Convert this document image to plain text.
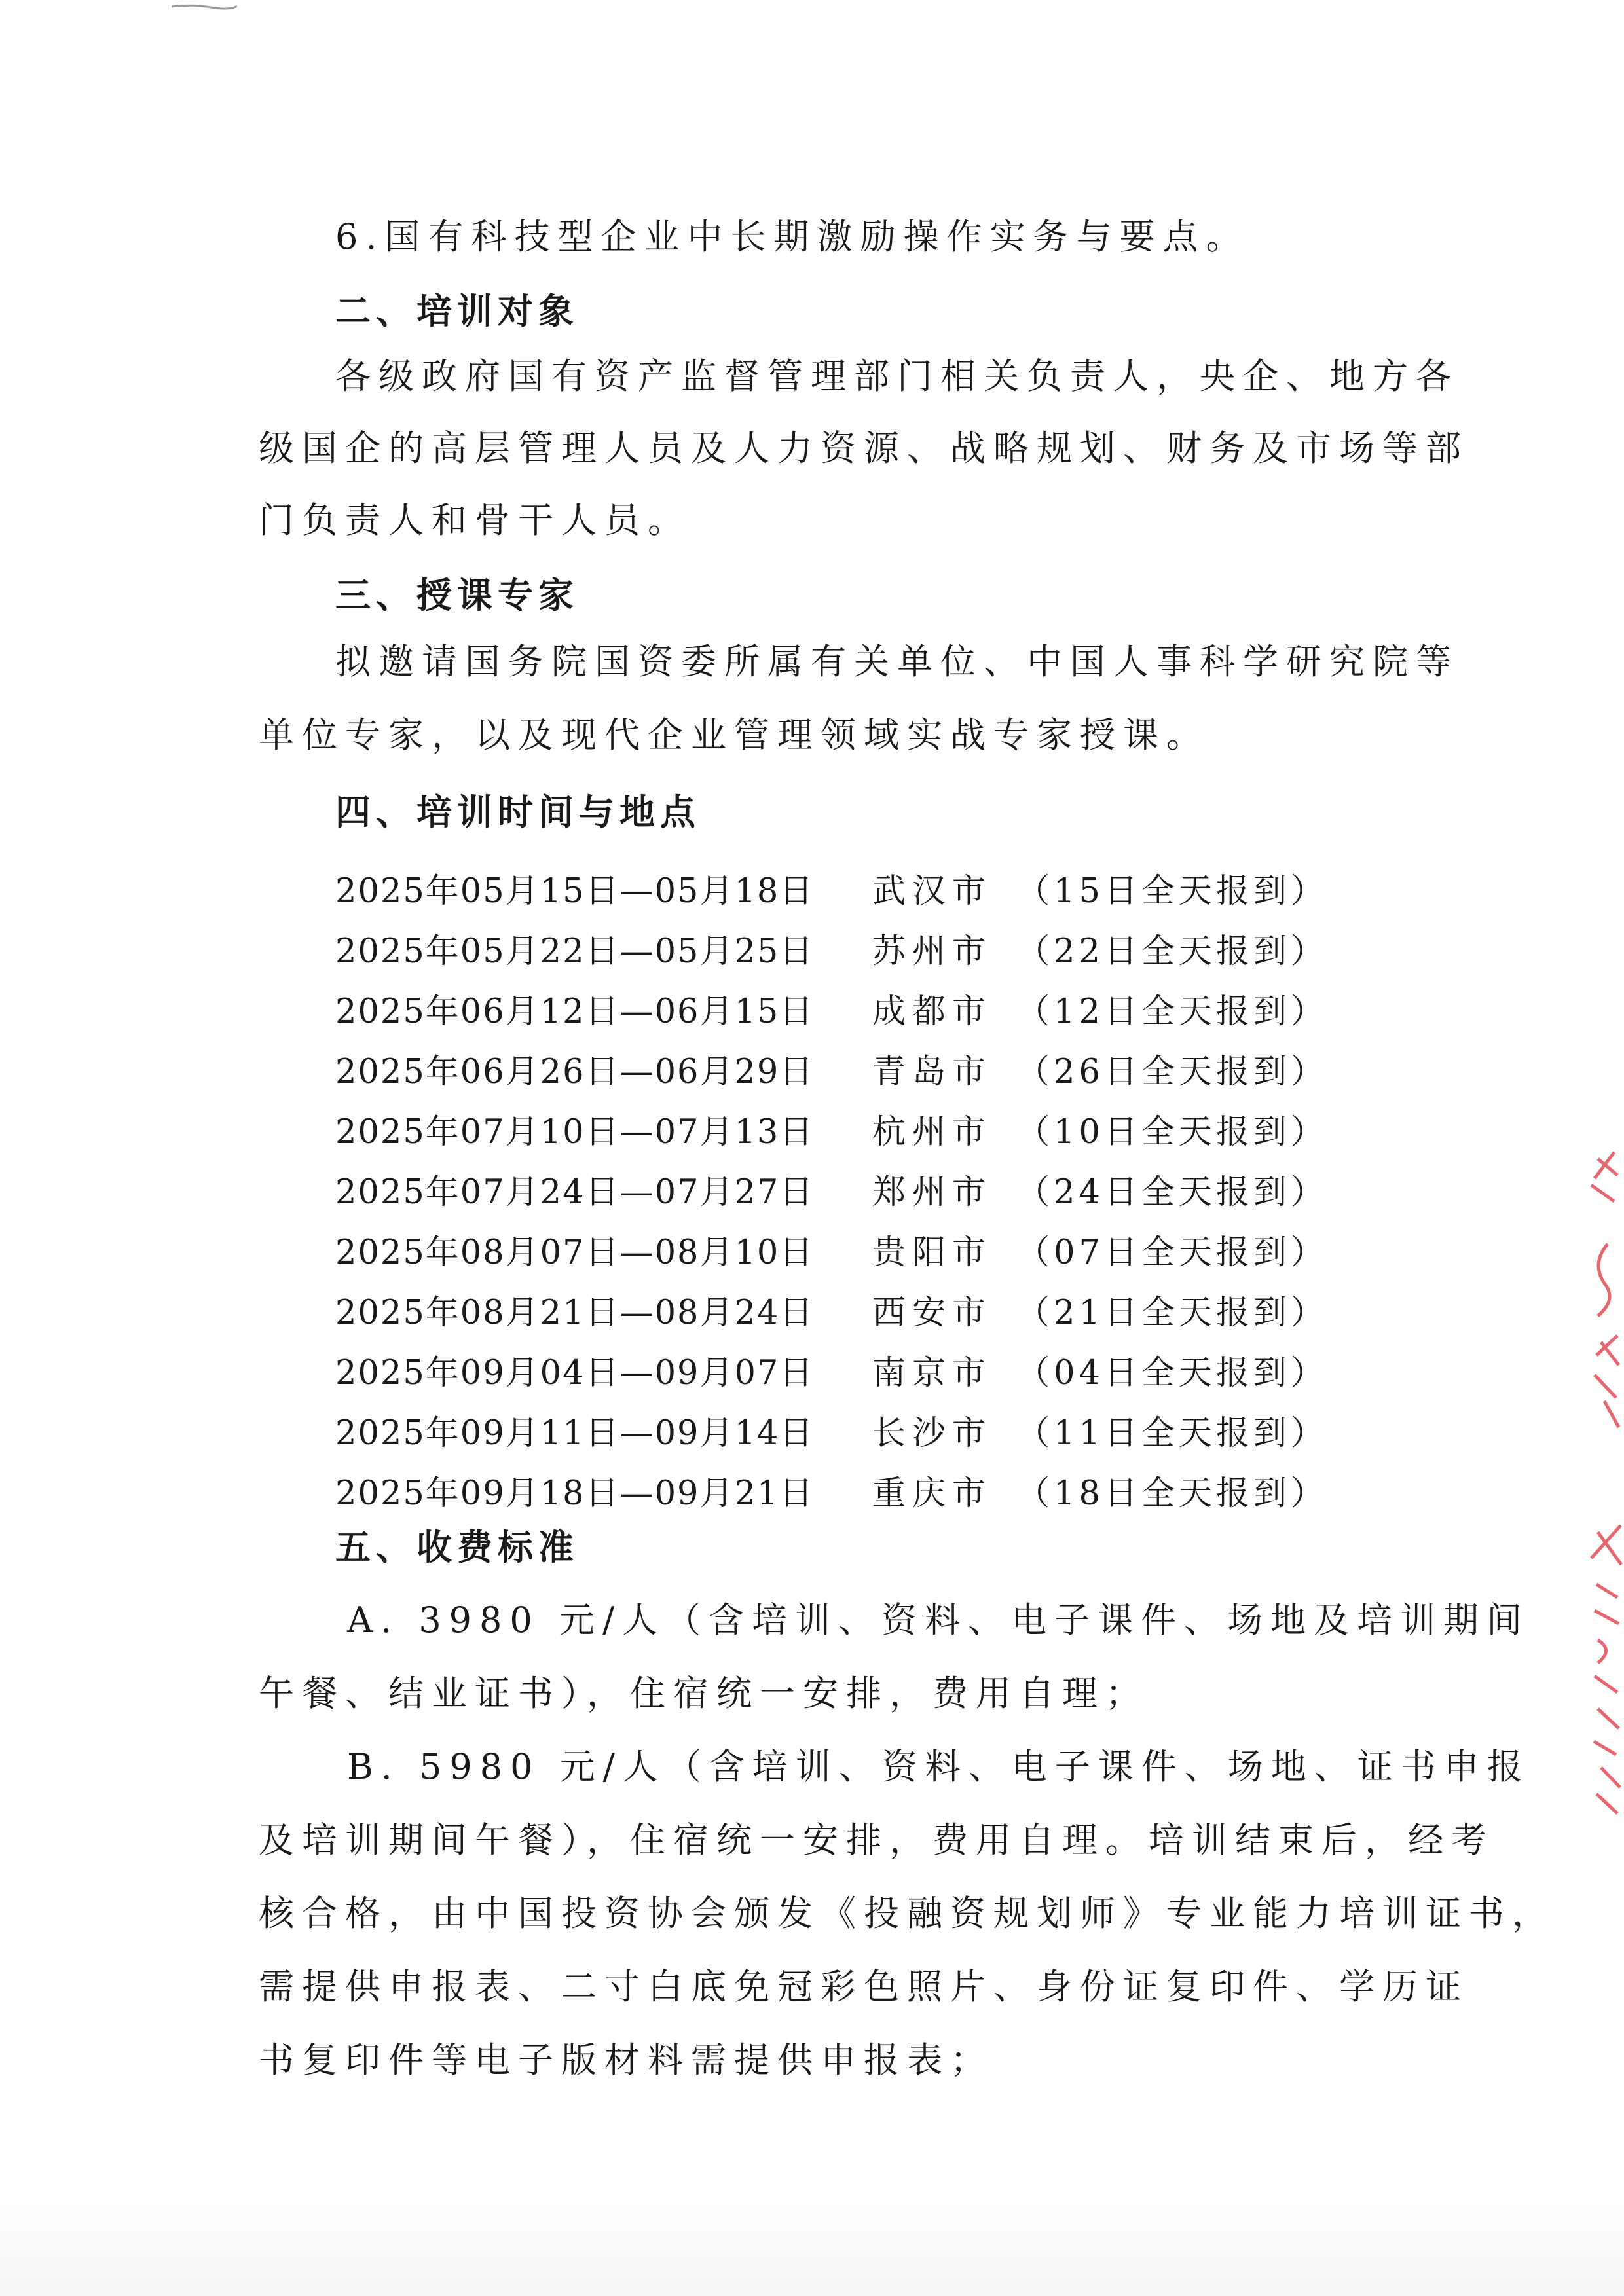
6.国有科技型企业中长期激励操作实务与要点。
二、培训对象
各级政府国有资产监督管理部门相关负责人，央企、地方各
级国企的高层管理人员及人力资源、战略规划、财务及市场等部
门负责人和骨干人员。
三、授课专家
拟邀请国务院国资委所属有关单位、中国人事科学研究院等
单位专家，以及现代企业管理领域实战专家授课。
四、培训时间与地点
2025年05月15日—05月18日 武汉市 （15日全天报到）
2025年05月22日—05月25日 苏州市 （22日全天报到）
2025年06月12日—06月15日 成都市 （12日全天报到）
2025年06月26日—06月29日 青岛市 （26日全天报到）
2025年07月10日—07月13日 杭州市 （10日全天报到）
2025年07月24日—07月27日 郑州市 （24日全天报到）
2025年08月07日—08月10日 贵阳市 （07日全天报到）
2025年08月21日—08月24日 西安市 （21日全天报到）
2025年09月04日—09月07日 南京市 （04日全天报到）
2025年09月11日—09月14日 长沙市 （11日全天报到）
2025年09月18日—09月21日 重庆市 （18日全天报到）
五、收费标准
A. 3980 元/人（含培训、资料、电子课件、场地及培训期间
午餐、结业证书），住宿统一安排，费用自理；
B. 5980 元/人（含培训、资料、电子课件、场地、证书申报
及培训期间午餐），住宿统一安排，费用自理。培训结束后，经考
核合格，由中国投资协会颁发《投融资规划师》专业能力培训证书，
需提供申报表、二寸白底免冠彩色照片、身份证复印件、学历证
书复印件等电子版材料需提供申报表；
